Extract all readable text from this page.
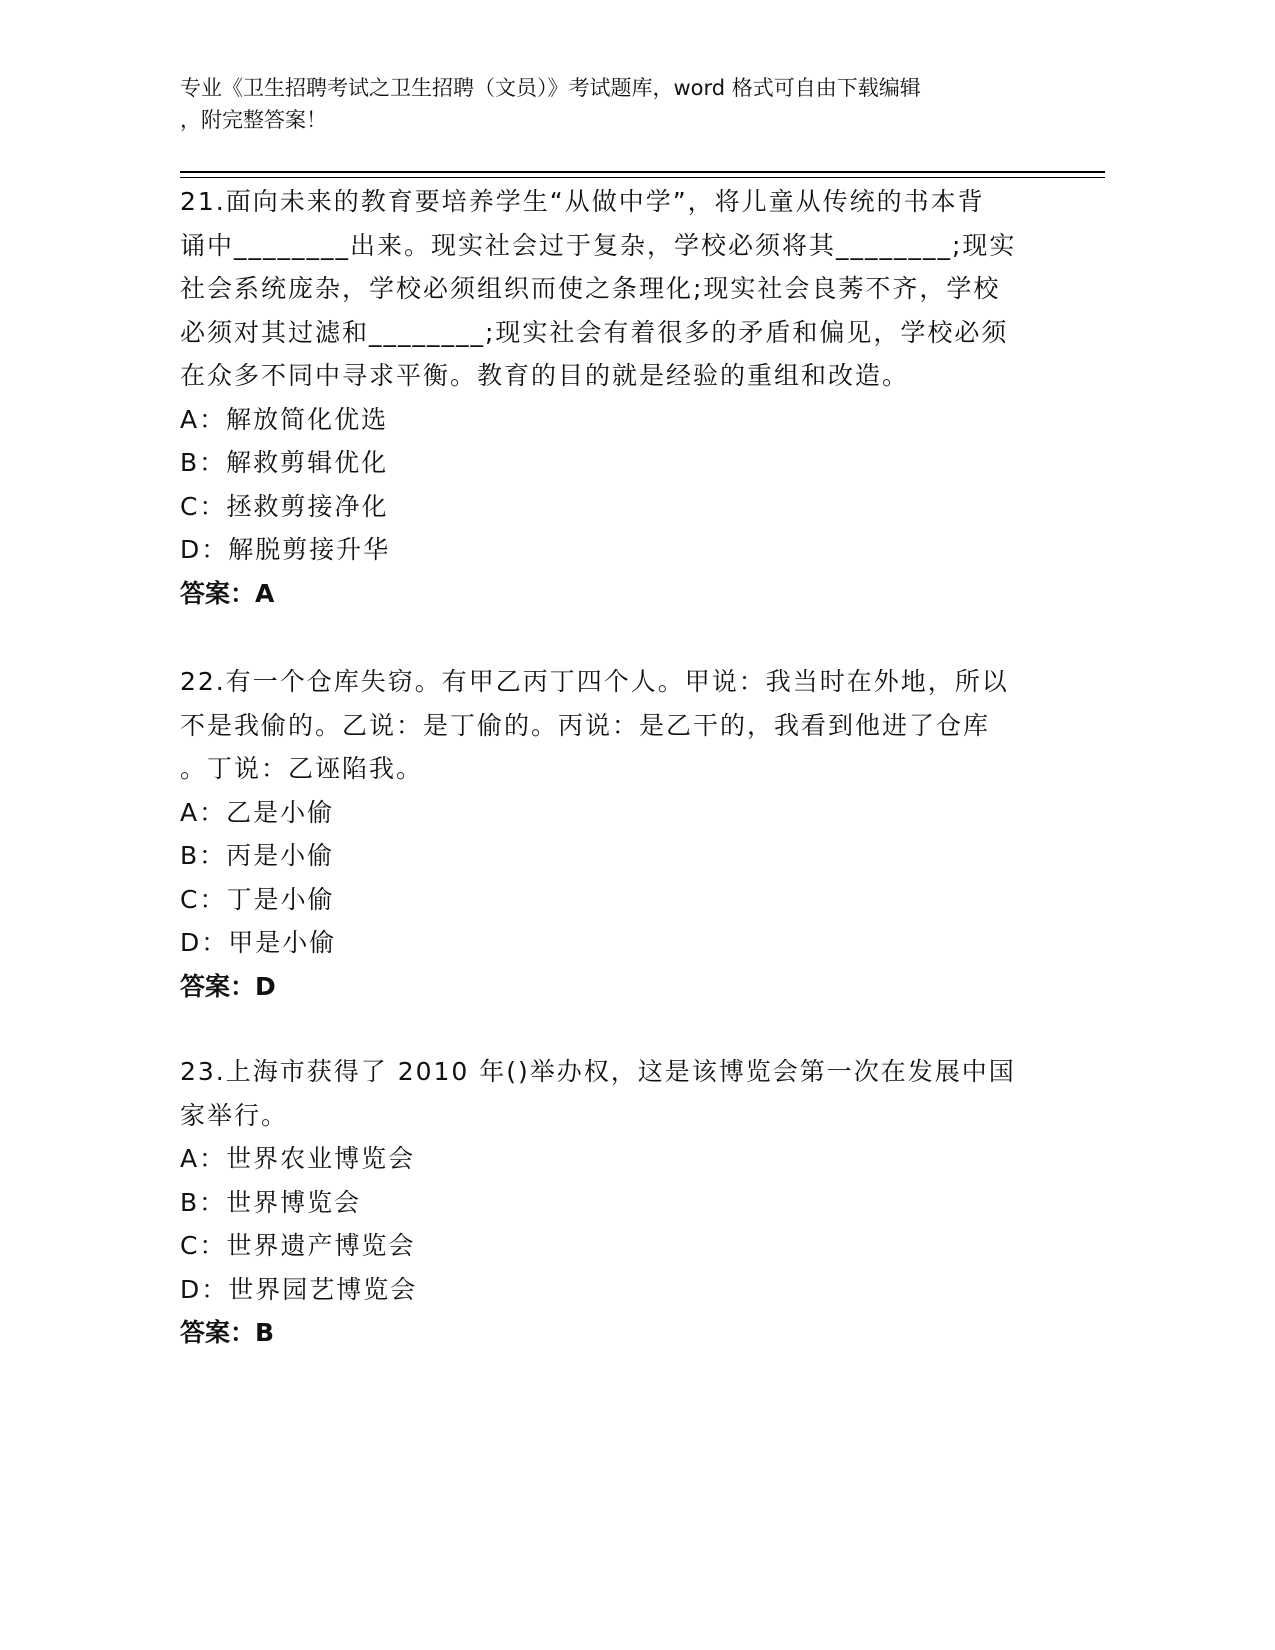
专业《卫生招聘考试之卫生招聘（文员）》考试题库，word 格式可自由下载编辑
，附完整答案！

21.面向未来的教育要培养学生“从做中学”，将儿童从传统的书本背

诵中________出来。现实社会过于复杂，学校必须将其________;现实

社会系统庞杂，学校必须组织而使之条理化;现实社会良莠不齐，学校

必须对其过滤和________;现实社会有着很多的矛盾和偏见，学校必须

在众多不同中寻求平衡。教育的目的就是经验的重组和改造。

A：解放简化优选

B：解救剪辑优化

C：拯救剪接净化

D：解脱剪接升华

答案：A

22.有一个仓库失窃。有甲乙丙丁四个人。甲说：我当时在外地，所以

不是我偷的。乙说：是丁偷的。丙说：是乙干的，我看到他进了仓库

。丁说：乙诬陷我。

A：乙是小偷

B：丙是小偷

C：丁是小偷

D：甲是小偷

答案：D

23.上海市获得了 2010 年()举办权，这是该博览会第一次在发展中国

家举行。

A：世界农业博览会

B：世界博览会

C：世界遗产博览会

D：世界园艺博览会

答案：B
